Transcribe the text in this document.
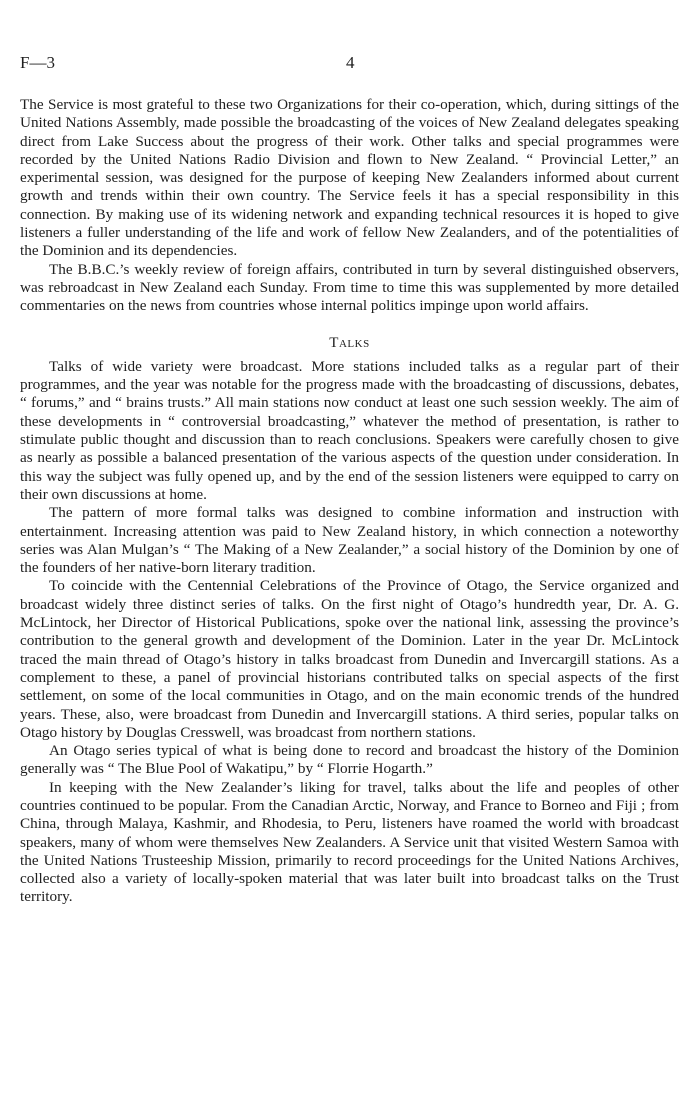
F—3	4

The Service is most grateful to these two Organizations for their co-operation, which, during sittings of the United Nations Assembly, made possible the broadcasting of the voices of New Zealand delegates speaking direct from Lake Success about the progress of their work. Other talks and special programmes were recorded by the United Nations Radio Division and flown to New Zealand. “ Provincial Letter,” an experimental session, was designed for the purpose of keeping New Zealanders informed about current growth and trends within their own country. The Service feels it has a special responsibility in this connection. By making use of its widening network and expanding technical resources it is hoped to give listeners a fuller understanding of the life and work of fellow New Zealanders, and of the potentialities of the Dominion and its dependencies.

The B.B.C.’s weekly review of foreign affairs, contributed in turn by several distinguished observers, was rebroadcast in New Zealand each Sunday. From time to time this was supplemented by more detailed commentaries on the news from countries whose internal politics impinge upon world affairs.

Talks

Talks of wide variety were broadcast. More stations included talks as a regular part of their programmes, and the year was notable for the progress made with the broadcasting of discussions, debates, “ forums,” and “ brains trusts.” All main stations now conduct at least one such session weekly. The aim of these developments in “ controversial broadcasting,” whatever the method of presentation, is rather to stimulate public thought and discussion than to reach conclusions. Speakers were carefully chosen to give as nearly as possible a balanced presentation of the various aspects of the question under consideration. In this way the subject was fully opened up, and by the end of the session listeners were equipped to carry on their own discussions at home.

The pattern of more formal talks was designed to combine information and instruction with entertainment. Increasing attention was paid to New Zealand history, in which connection a noteworthy series was Alan Mulgan’s “ The Making of a New Zealander,” a social history of the Dominion by one of the founders of her native-born literary tradition.

To coincide with the Centennial Celebrations of the Province of Otago, the Service organized and broadcast widely three distinct series of talks. On the first night of Otago’s hundredth year, Dr. A. G. McLintock, her Director of Historical Publications, spoke over the national link, assessing the province’s contribution to the general growth and development of the Dominion. Later in the year Dr. McLintock traced the main thread of Otago’s history in talks broadcast from Dunedin and Invercargill stations. As a complement to these, a panel of provincial historians contributed talks on special aspects of the first settlement, on some of the local communities in Otago, and on the main economic trends of the hundred years. These, also, were broadcast from Dunedin and Invercargill stations. A third series, popular talks on Otago history by Douglas Cresswell, was broadcast from northern stations.

An Otago series typical of what is being done to record and broadcast the history of the Dominion generally was “ The Blue Pool of Wakatipu,” by “ Florrie Hogarth.”

In keeping with the New Zealander’s liking for travel, talks about the life and peoples of other countries continued to be popular. From the Canadian Arctic, Norway, and France to Borneo and Fiji ; from China, through Malaya, Kashmir, and Rhodesia, to Peru, listeners have roamed the world with broadcast speakers, many of whom were themselves New Zealanders. A Service unit that visited Western Samoa with the United Nations Trusteeship Mission, primarily to record proceedings for the United Nations Archives, collected also a variety of locally-spoken material that was later built into broadcast talks on the Trust territory.
